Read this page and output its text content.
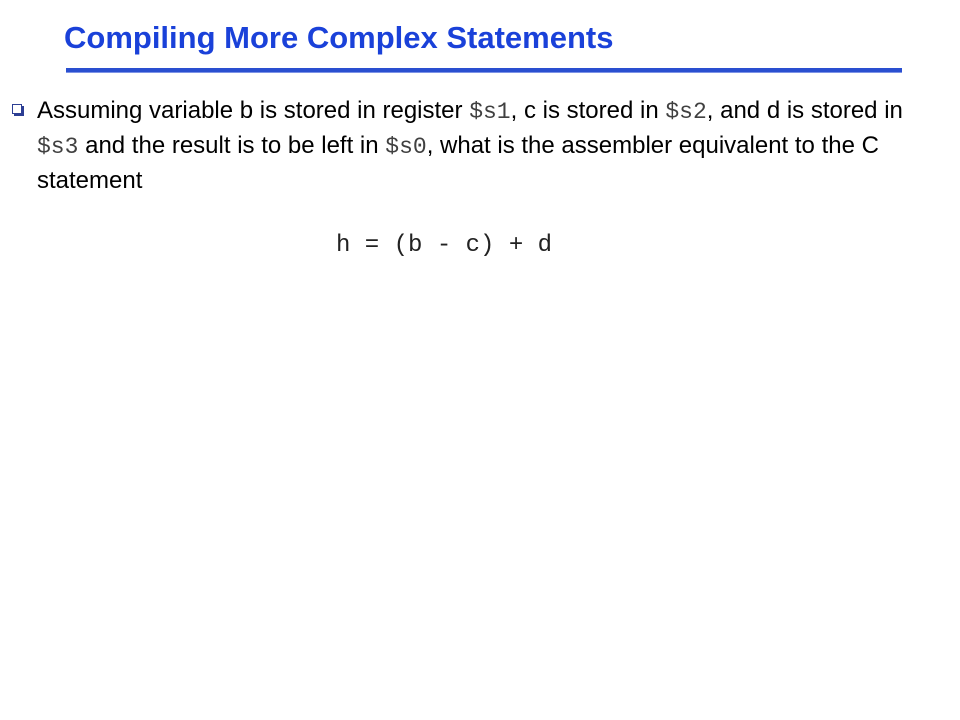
Compiling More Complex Statements
Assuming variable b is stored in register $s1, c is stored in $s2, and d is stored in $s3 and the result is to be left in $s0, what is the assembler equivalent to the C statement
h = (b - c) + d
